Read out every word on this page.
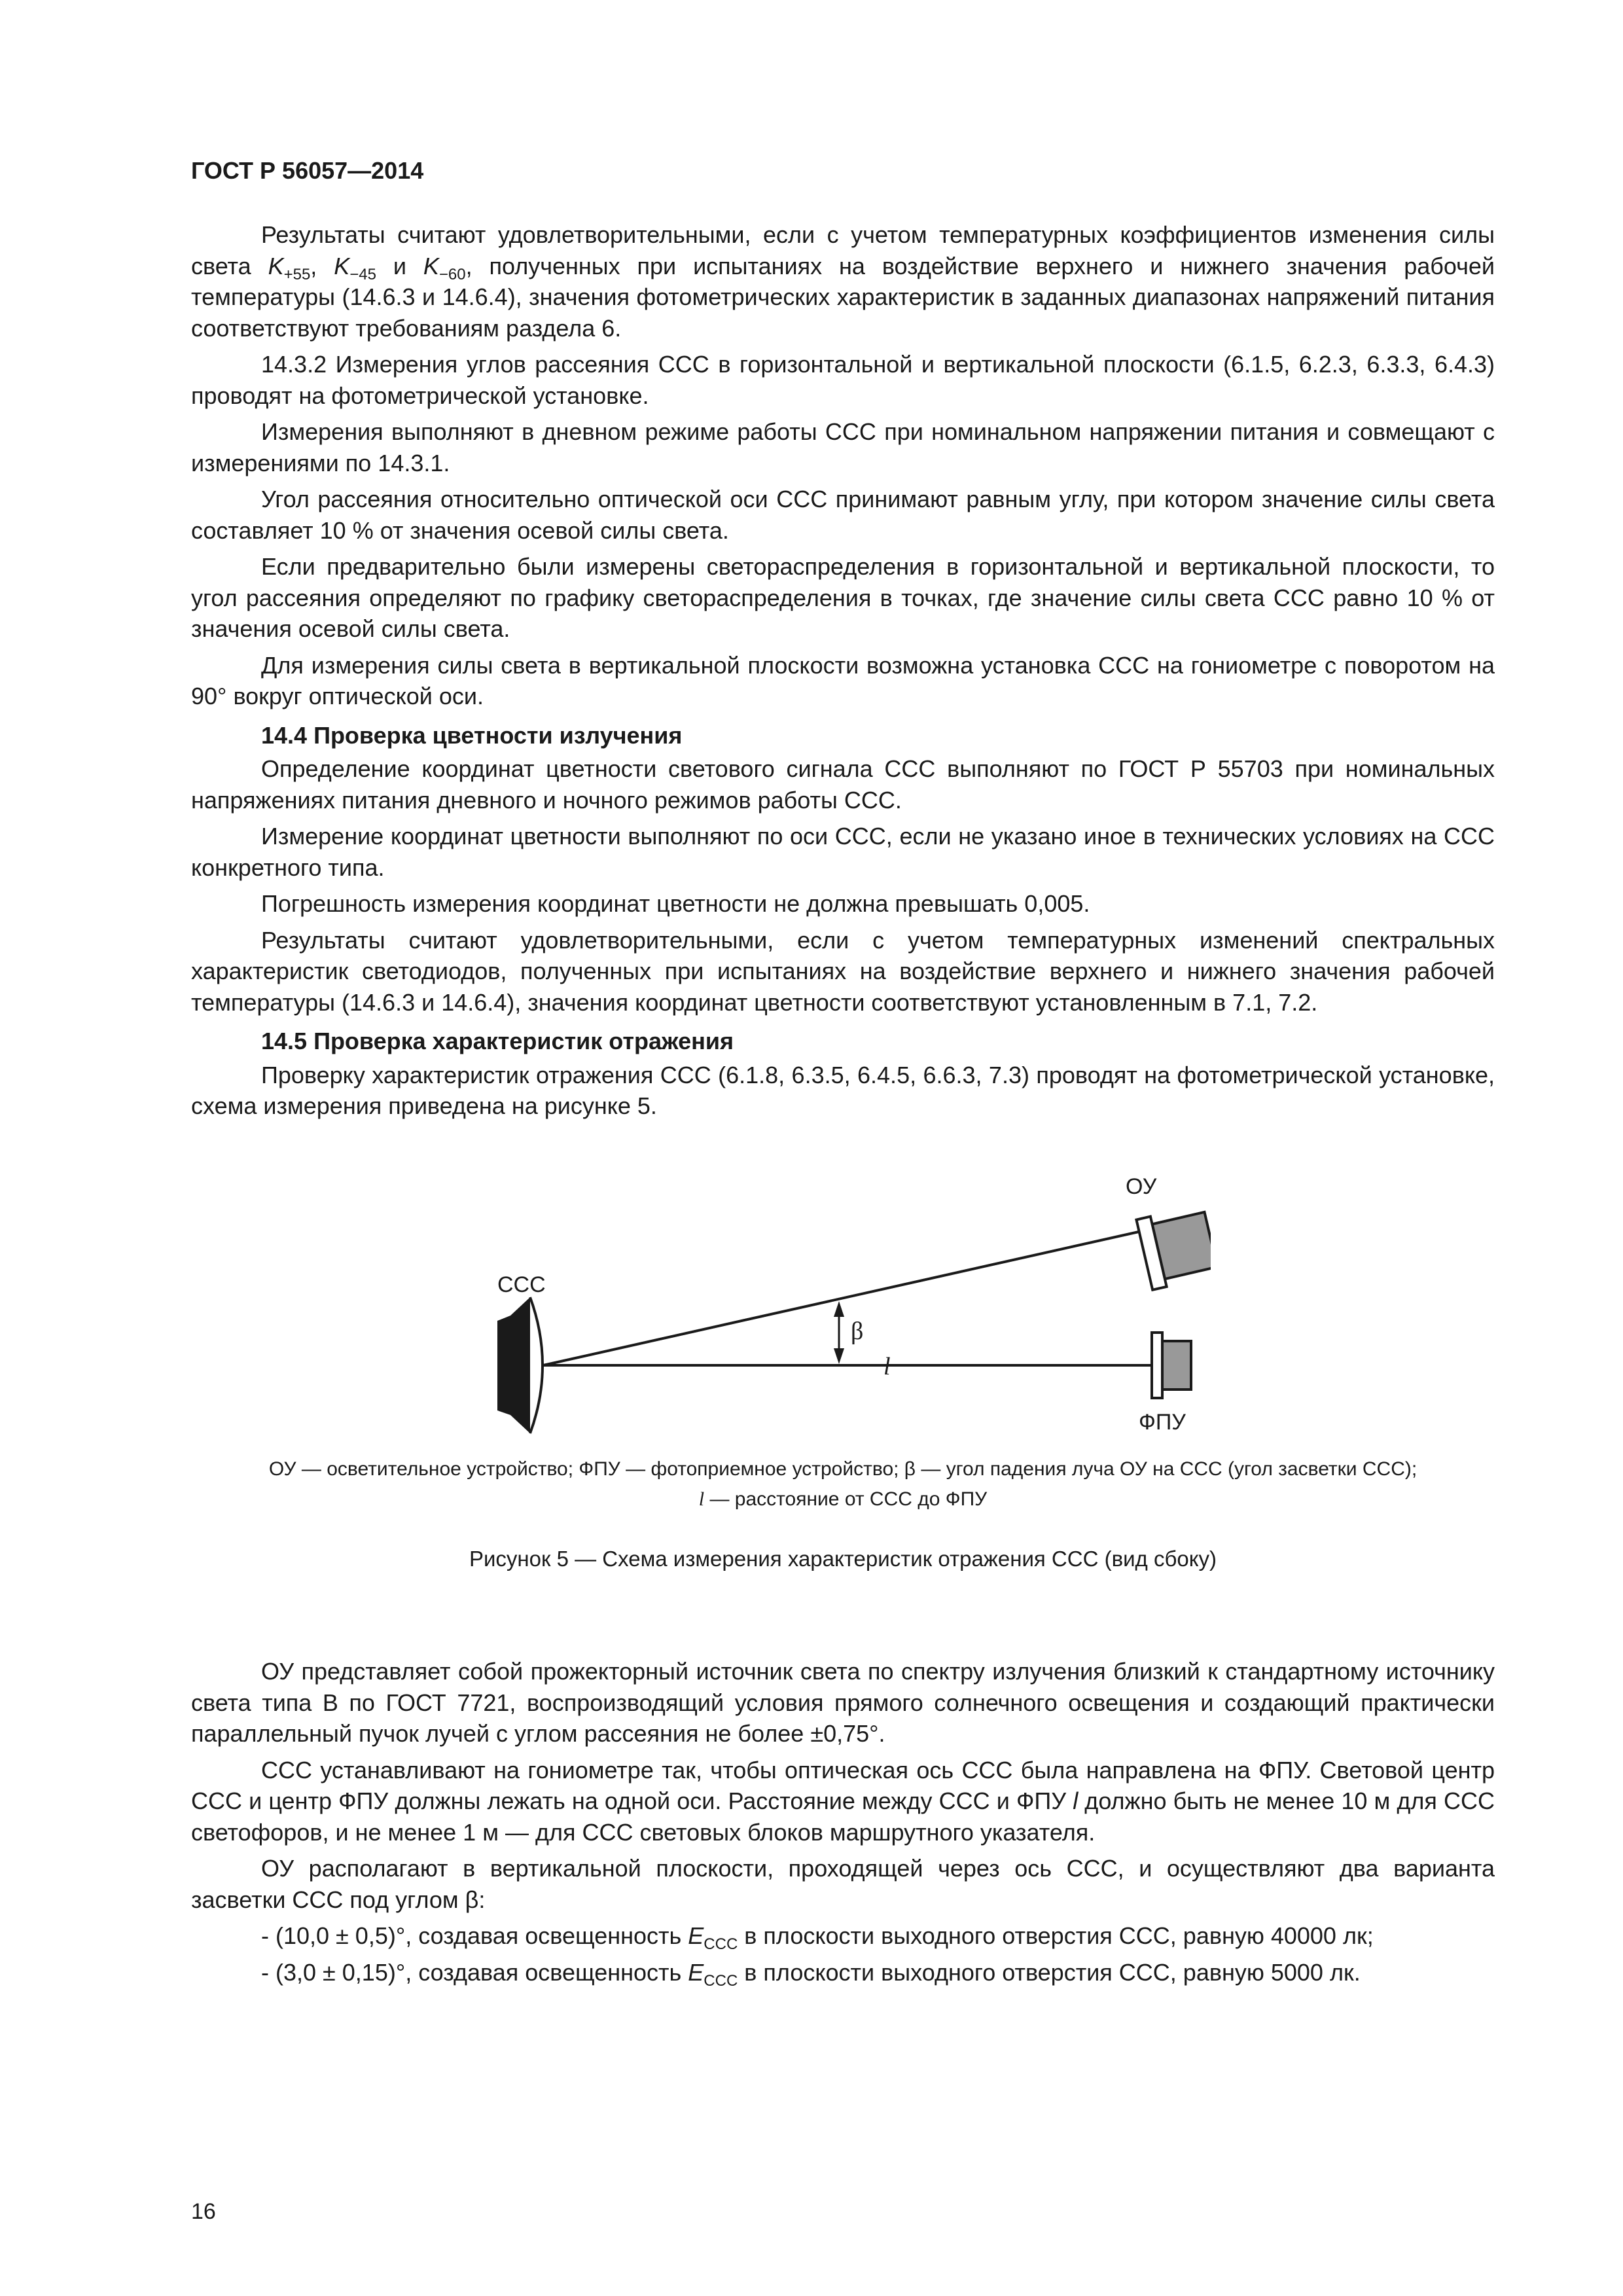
ГОСТ Р 56057—2014

Результаты считают удовлетворительными, если с учетом температурных коэффициентов изменения силы света $K_{+55}$, $K_{-45}$ и $K_{-60}$, полученных при испытаниях на воздействие верхнего и нижнего значения рабочей температуры (14.6.3 и 14.6.4), значения фотометрических характеристик в заданных диапазонах напряжений питания соответствуют требованиям раздела 6.

14.3.2 Измерения углов рассеяния ССС в горизонтальной и вертикальной плоскости (6.1.5, 6.2.3, 6.3.3, 6.4.3) проводят на фотометрической установке.

Измерения выполняют в дневном режиме работы ССС при номинальном напряжении питания и совмещают с измерениями по 14.3.1.

Угол рассеяния относительно оптической оси ССС принимают равным углу, при котором значение силы света составляет 10 % от значения осевой силы света.

Если предварительно были измерены светораспределения в горизонтальной и вертикальной плоскости, то угол рассеяния определяют по графику светораспределения в точках, где значение силы света ССС равно 10 % от значения осевой силы света.

Для измерения силы света в вертикальной плоскости возможна установка ССС на гониометре с поворотом на 90° вокруг оптической оси.

14.4 Проверка цветности излучения

Определение координат цветности светового сигнала ССС выполняют по ГОСТ Р 55703 при номинальных напряжениях питания дневного и ночного режимов работы ССС.

Измерение координат цветности выполняют по оси ССС, если не указано иное в технических условиях на ССС конкретного типа.

Погрешность измерения координат цветности не должна превышать 0,005.

Результаты считают удовлетворительными, если с учетом температурных изменений спектральных характеристик светодиодов, полученных при испытаниях на воздействие верхнего и нижнего значения рабочей температуры (14.6.3 и 14.6.4), значения координат цветности соответствуют установленным в 7.1, 7.2.

14.5 Проверка характеристик отражения

Проверку характеристик отражения ССС (6.1.8, 6.3.5, 6.4.5, 6.6.3, 7.3) проводят на фотометрической установке, схема измерения приведена на рисунке 5.

ССС
β
l
ОУ
ФПУ

ОУ — осветительное устройство; ФПУ — фотоприемное устройство; β — угол падения луча ОУ на ССС (угол засветки ССС);

l — расстояние от ССС до ФПУ

Рисунок 5 — Схема измерения характеристик отражения ССС (вид сбоку)

ОУ представляет собой прожекторный источник света по спектру излучения близкий к стандартному источнику света типа В по ГОСТ 7721, воспроизводящий условия прямого солнечного освещения и создающий практически параллельный пучок лучей с углом рассеяния не более ±0,75°.

ССС устанавливают на гониометре так, чтобы оптическая ось ССС была направлена на ФПУ. Световой центр ССС и центр ФПУ должны лежать на одной оси. Расстояние между ССС и ФПУ l должно быть не менее 10 м для ССС светофоров, и не менее 1 м — для ССС световых блоков маршрутного указателя.

ОУ располагают в вертикальной плоскости, проходящей через ось ССС, и осуществляют два варианта засветки ССС под углом β:

- (10,0 ± 0,5)°, создавая освещенность $E_{ССС}$ в плоскости выходного отверстия ССС, равную 40000 лк;

- (3,0 ± 0,15)°, создавая освещенность $E_{ССС}$ в плоскости выходного отверстия ССС, равную 5000 лк.

16
